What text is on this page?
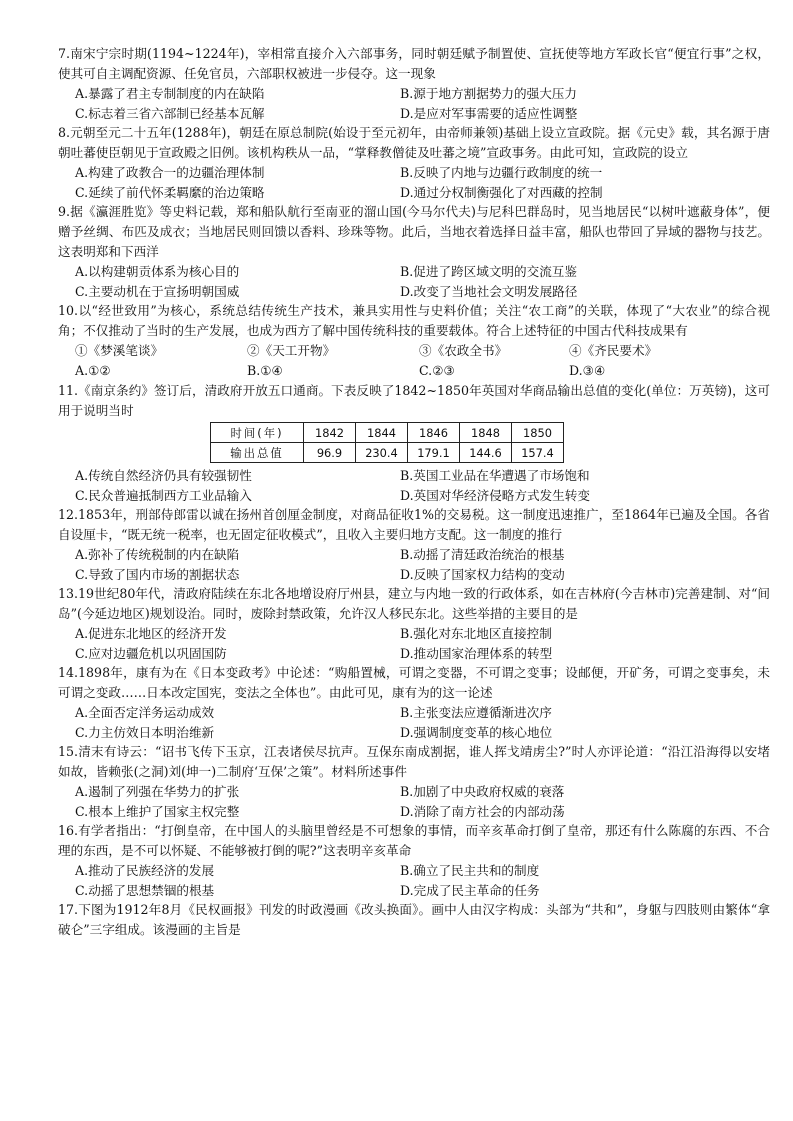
7.南宋宁宗时期(1194~1224年)，宰相常直接介入六部事务，同时朝廷赋予制置使、宣抚使等地方军政长官“便宜行事”之权，使其可自主调配资源、任免官员，六部职权被进一步侵夺。这一现象
A.暴露了君主专制制度的内在缺陷	B.源于地方割据势力的强大压力
C.标志着三省六部制已经基本瓦解	D.是应对军事需要的适应性调整
8.元朝至元二十五年(1288年)，朝廷在原总制院(始设于至元初年，由帝师兼领)基础上设立宣政院。据《元史》载，其名源于唐朝吐蕃使臣朝见于宣政殿之旧例。该机构秩从一品，“掌释教僧徒及吐蕃之境”宣政事务。由此可知，宣政院的设立
A.构建了政教合一的边疆治理体制	B.反映了内地与边疆行政制度的统一
C.延续了前代怀柔羁縻的治边策略	D.通过分权制衡强化了对西藏的控制
9.据《瀛涯胜览》等史料记载，郑和船队航行至南亚的溜山国(今马尔代夫)与尼科巴群岛时，见当地居民“以树叶遮蔽身体”，便赠予丝绸、布匹及成衣；当地居民则回馈以香料、珍珠等物。此后，当地衣着选择日益丰富，船队也带回了异域的器物与技艺。这表明郑和下西洋
A.以构建朝贡体系为核心目的	B.促进了跨区域文明的交流互鉴
C.主要动机在于宣扬明朝国威	D.改变了当地社会文明发展路径
10.以“经世致用”为核心，系统总结传统生产技术，兼具实用性与史料价值；关注“农工商”的关联，体现了“大农业”的综合视角；不仅推动了当时的生产发展，也成为西方了解中国传统科技的重要载体。符合上述特征的中国古代科技成果有
①《梦溪笔谈》	②《天工开物》	③《农政全书》	④《齐民要术》
A.①②	B.①④	C.②③	D.③④
11.《南京条约》签订后，清政府开放五口通商。下表反映了1842~1850年英国对华商品输出总值的变化(单位：万英镑)，这可用于说明当时
时间(年)	1842	1844	1846	1848	1850
输出总值	96.9	230.4	179.1	144.6	157.4
A.传统自然经济仍具有较强韧性	B.英国工业品在华遭遇了市场饱和
C.民众普遍抵制西方工业品输入	D.英国对华经济侵略方式发生转变
12.1853年，刑部侍郎雷以诚在扬州首创厘金制度，对商品征收1%的交易税。这一制度迅速推广，至1864年已遍及全国。各省自设厘卡，“既无统一税率，也无固定征收模式”，且收入主要归地方支配。这一制度的推行
A.弥补了传统税制的内在缺陷	B.动摇了清廷政治统治的根基
C.导致了国内市场的割据状态	D.反映了国家权力结构的变动
13.19世纪80年代，清政府陆续在东北各地增设府厅州县，建立与内地一致的行政体系，如在吉林府(今吉林市)完善建制、对“间岛”(今延边地区)规划设治。同时，废除封禁政策，允许汉人移民东北。这些举措的主要目的是
A.促进东北地区的经济开发	B.强化对东北地区直接控制
C.应对边疆危机以巩固国防	D.推动国家治理体系的转型
14.1898年，康有为在《日本变政考》中论述：“购船置械，可谓之变器，不可谓之变事；设邮便，开矿务，可谓之变事矣，未可谓之变政……日本改定国宪，变法之全体也”。由此可见，康有为的这一论述
A.全面否定洋务运动成效	B.主张变法应遵循渐进次序
C.力主仿效日本明治维新	D.强调制度变革的核心地位
15.清末有诗云：“诏书飞传下玉京，江表诸侯尽抗声。互保东南成割据，谁人挥戈靖虏尘?”时人亦评论道：“沿江沿海得以安堵如故，皆赖张(之洞)刘(坤一)二制府‘互保’之策”。材料所述事件
A.遏制了列强在华势力的扩张	B.加剧了中央政府权威的衰落
C.根本上维护了国家主权完整	D.消除了南方社会的内部动荡
16.有学者指出：“打倒皇帝，在中国人的头脑里曾经是不可想象的事情，而辛亥革命打倒了皇帝，那还有什么陈腐的东西、不合理的东西，是不可以怀疑、不能够被打倒的呢?”这表明辛亥革命
A.推动了民族经济的发展	B.确立了民主共和的制度
C.动摇了思想禁锢的根基	D.完成了民主革命的任务
17.下图为1912年8月《民权画报》刊发的时政漫画《改头换面》。画中人由汉字构成：头部为“共和”，身躯与四肢则由繁体“拿破仑”三字组成。该漫画的主旨是
